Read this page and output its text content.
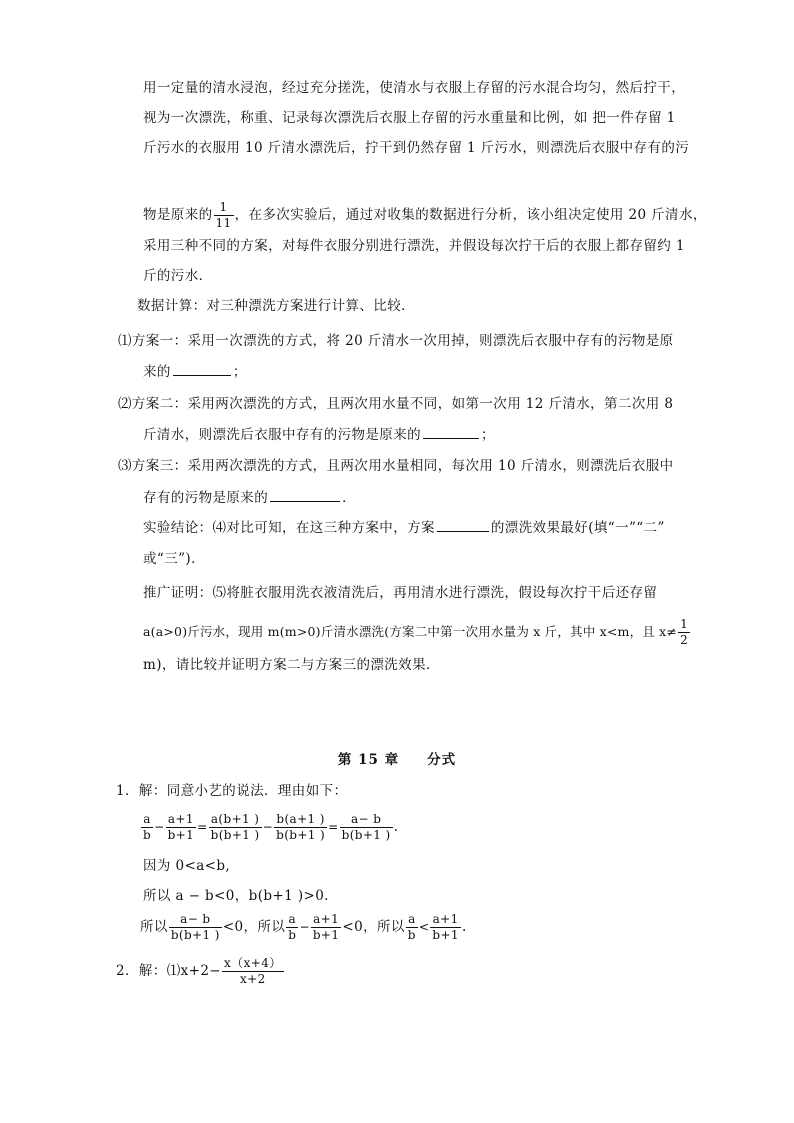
用一定量的清水浸泡，经过充分搓洗，使清水与衣服上存留的污水混合均匀，然后拧干，
视为一次漂洗，称重、记录每次漂洗后衣服上存留的污水重量和比例，如 把一件存留 1
斤污水的衣服用 10 斤清水漂洗后，拧干到仍然存留 1 斤污水，则漂洗后衣服中存有的污
物是原来的 $\frac{1}{11}$ ，在多次实验后，通过对收集的数据进行分析，该小组决定使用 20 斤清水，
采用三种不同的方案，对每件衣服分别进行漂洗，并假设每次拧干后的衣服上都存留约 1
斤的污水．
数据计算：对三种漂洗方案进行计算、比较．
⑴方案一：采用一次漂洗的方式，将 20 斤清水一次用掉，则漂洗后衣服中存有的污物是原
来的	；
⑵方案二：采用两次漂洗的方式，且两次用水量不同，如第一次用 12 斤清水，第二次用 8
斤清水，则漂洗后衣服中存有的污物是原来的	；
⑶方案三：采用两次漂洗的方式，且两次用水量相同，每次用 10 斤清水，则漂洗后衣服中
存有的污物是原来的	．
实验结论：⑷对比可知，在这三种方案中，方案	的漂洗效果最好(填“一”“二”
或“三”)．
推广证明：⑸将脏衣服用洗衣液清洗后，再用清水进行漂洗，假设每次拧干后还存留
a(a>0)斤污水，现用 m(m>0)斤清水漂洗(方案二中第一次用水量为 x 斤，其中 x<m，且 $x\ne \frac{1}{2}$
m)，请比较并证明方案二与方案三的漂洗效果．
第 15 章 分式
1．解：同意小艺的说法．理由如下：
$\frac{a}{b} - \frac{a+1}{b+1} = \frac{a(b+1 )}{b(b+1 )} - \frac{b(a+1 )}{b(b+1 )} = \frac{a- b}{b(b+1 )}$ .
因为 0<a<b,
所以 a − b<0，b(b+1 )>0.
所以 $\frac{a- b}{b(b+1 )} <0$，所以 $\frac{a}{b} - \frac{a+1}{b+1} <0$，所以 $\frac{a}{b} < \frac{a+1}{b+1}$ .
2．解：⑴x+2− $\frac{x(x+4)}{x+2}$
